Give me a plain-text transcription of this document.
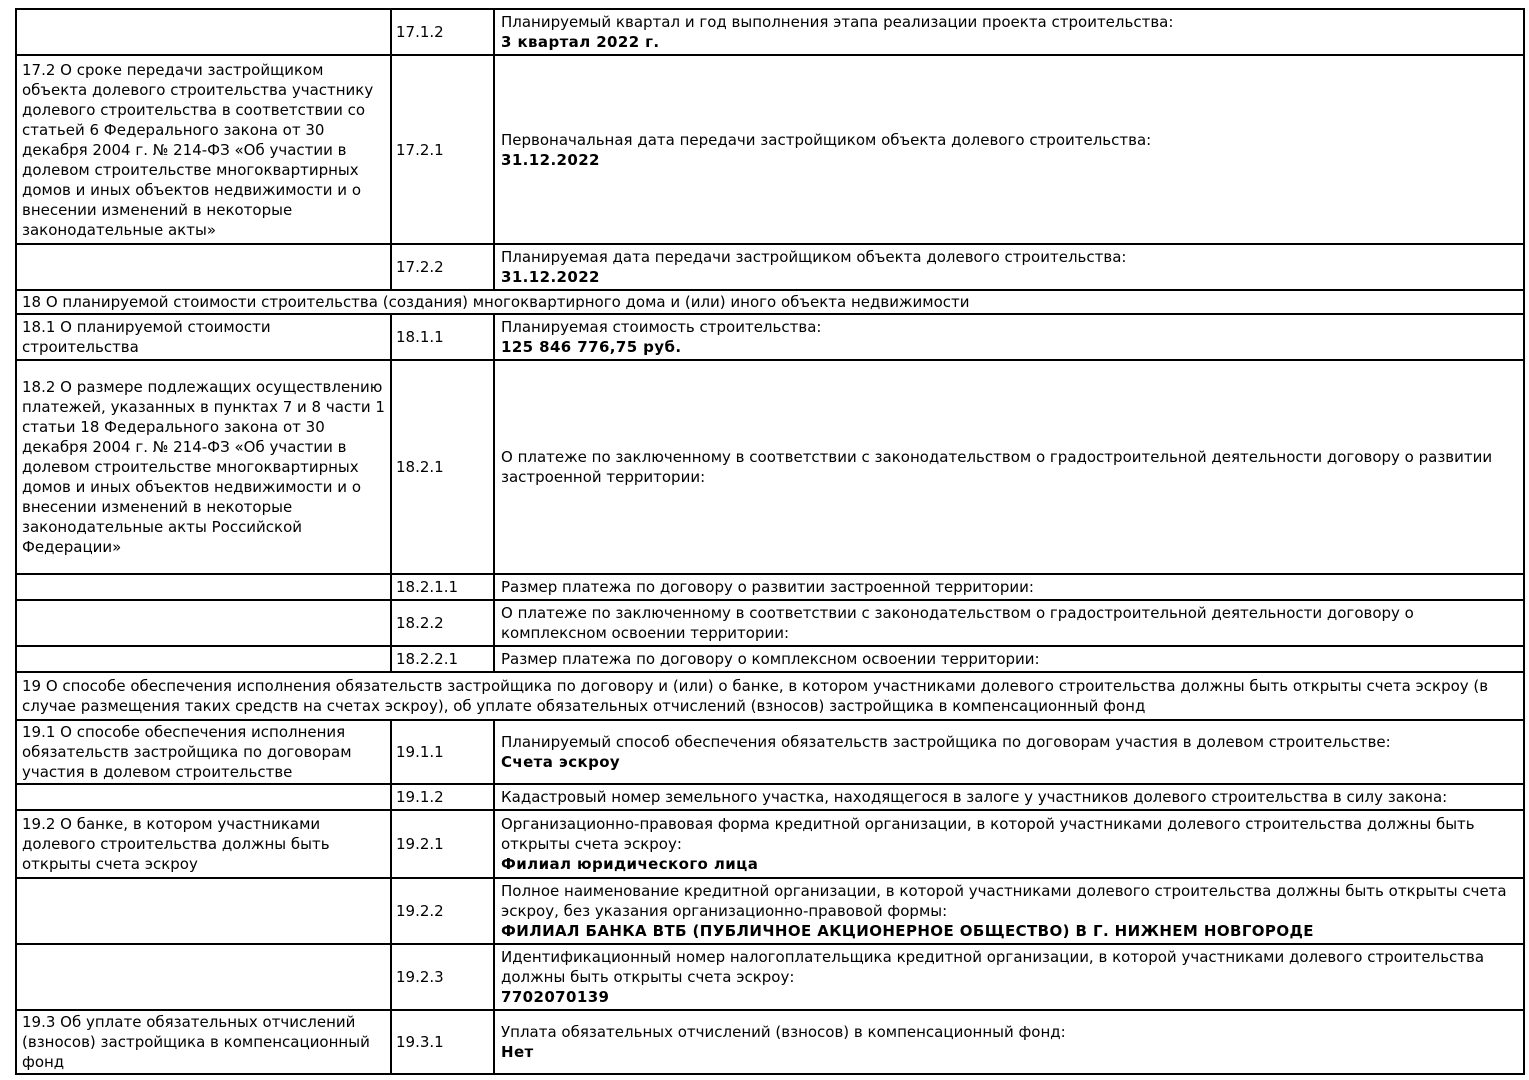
	17.1.2	Планируемый квартал и год выполнения этапа реализации проекта строительства:
3 квартал 2022 г.

17.2 О сроке передачи застройщиком объекта долевого строительства участнику долевого строительства в соответствии со статьей 6 Федерального закона от 30 декабря 2004 г. № 214-ФЗ «Об участии в долевом строительстве многоквартирных домов и иных объектов недвижимости и о внесении изменений в некоторые законодательные акты»	17.2.1	Первоначальная дата передачи застройщиком объекта долевого строительства:
31.12.2022

	17.2.2	Планируемая дата передачи застройщиком объекта долевого строительства:
31.12.2022

18 О планируемой стоимости строительства (создания) многоквартирного дома и (или) иного объекта недвижимости		
18.1 О планируемой стоимости строительства	18.1.1	Планируемая стоимость строительства:
125 846 776,75 руб.

18.2 О размере подлежащих осуществлению платежей, указанных в пунктах 7 и 8 части 1 статьи 18 Федерального закона от 30 декабря 2004 г. № 214-ФЗ «Об участии в долевом строительстве многоквартирных домов и иных объектов недвижимости и о внесении изменений в некоторые законодательные акты Российской Федерации»	18.2.1	О платеже по заключенному в соответствии с законодательством о градостроительной деятельности договору о развитии застроенной территории:

	18.2.1.1	Размер платежа по договору о развитии застроенной территории:

	18.2.2	О платеже по заключенному в соответствии с законодательством о градостроительной деятельности договору о комплексном освоении территории:

	18.2.2.1	Размер платежа по договору о комплексном освоении территории:

19 О способе обеспечения исполнения обязательств застройщика по договору и (или) о банке, в котором участниками долевого строительства должны быть открыты счета эскроу (в случае размещения таких средств на счетах эскроу), об уплате обязательных отчислений (взносов) застройщика в компенсационный фонд		
19.1 О способе обеспечения исполнения обязательств застройщика по договорам участия в долевом строительстве	19.1.1	Планируемый способ обеспечения обязательств застройщика по договорам участия в долевом строительстве:
Счета эскроу

	19.1.2	Кадастровый номер земельного участка, находящегося в залоге у участников долевого строительства в силу закона:

19.2 О банке, в котором участниками долевого строительства должны быть открыты счета эскроу	19.2.1	Организационно-правовая форма кредитной организации, в которой участниками долевого строительства должны быть открыты счета эскроу:
Филиал юридического лица

	19.2.2	Полное наименование кредитной организации, в которой участниками долевого строительства должны быть открыты счета эскроу, без указания организационно-правовой формы:
ФИЛИАЛ БАНКА ВТБ (ПУБЛИЧНОЕ АКЦИОНЕРНОЕ ОБЩЕСТВО) В Г. НИЖНЕМ НОВГОРОДЕ

	19.2.3	Идентификационный номер налогоплательщика кредитной организации, в которой участниками долевого строительства должны быть открыты счета эскроу:
7702070139

19.3 Об уплате обязательных отчислений (взносов) застройщика в компенсационный фонд	19.3.1	Уплата обязательных отчислений (взносов) в компенсационный фонд:
Нет
